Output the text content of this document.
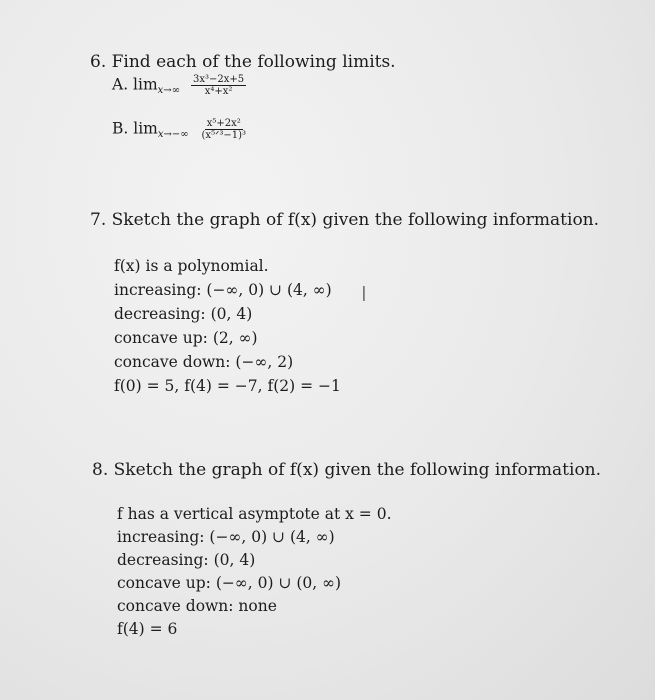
6. Find each of the following limits.
A. $\lim x\to\infty \frac{\text{3x³−2x+5}}{\text{x⁴+x²}}$
B. $\lim x\to-\infty \frac{\text{x⁵+2x²}}{\text{(x⁵ᐟ³−1)³}}$
7. Sketch the graph of f(x) given the following information.
f(x) is a polynomial.
increasing: (−∞, 0) ∪ (4, ∞)
decreasing: (0, 4)
concave up: (2, ∞)
concave down: (−∞, 2)
f(0) = 5, f(4) = −7, f(2) = −1
I
8. Sketch the graph of f(x) given the following information.
f has a vertical asymptote at x = 0.
increasing: (−∞, 0) ∪ (4, ∞)
decreasing: (0, 4)
concave up: (−∞, 0) ∪ (0, ∞)
concave down: none
f(4) = 6
